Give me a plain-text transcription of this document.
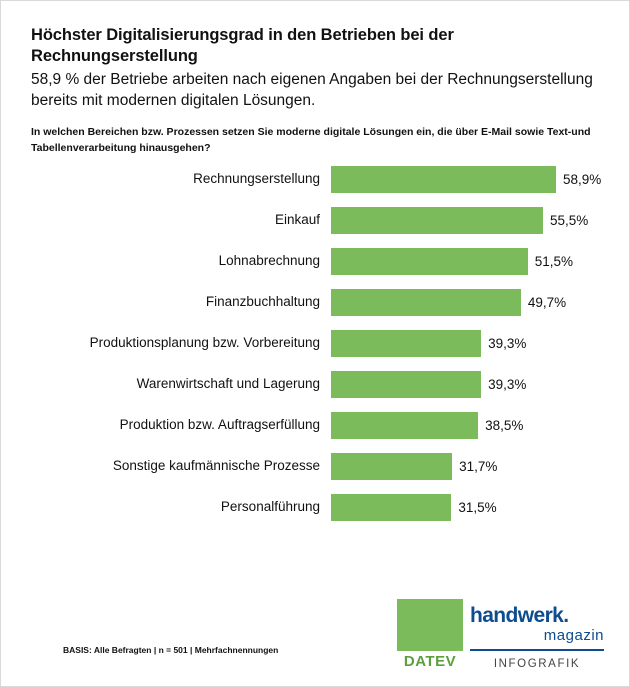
Höchster Digitalisierungsgrad in den Betrieben bei der Rechnungserstellung
58,9 % der Betriebe arbeiten nach eigenen Angaben bei der Rechnungserstellung bereits mit modernen digitalen Lösungen.
In welchen Bereichen bzw. Prozessen setzen Sie moderne digitale Lösungen ein, die über E-Mail sowie Text-und Tabellenverarbeitung hinausgehen?
Rechnungserstellung	58,9%
Einkauf	55,5%
Lohnabrechnung	51,5%
Finanzbuchhaltung	49,7%
Produktionsplanung bzw. Vorbereitung	39,3%
Warenwirtschaft und Lagerung	39,3%
Produktion bzw. Auftragserfüllung	38,5%
Sonstige kaufmännische Prozesse	31,7%
Personalführung	31,5%
BASIS: Alle Befragten | n = 501 | Mehrfachnennungen
DATEV
handwerk.
magazin
INFOGRAFIK
